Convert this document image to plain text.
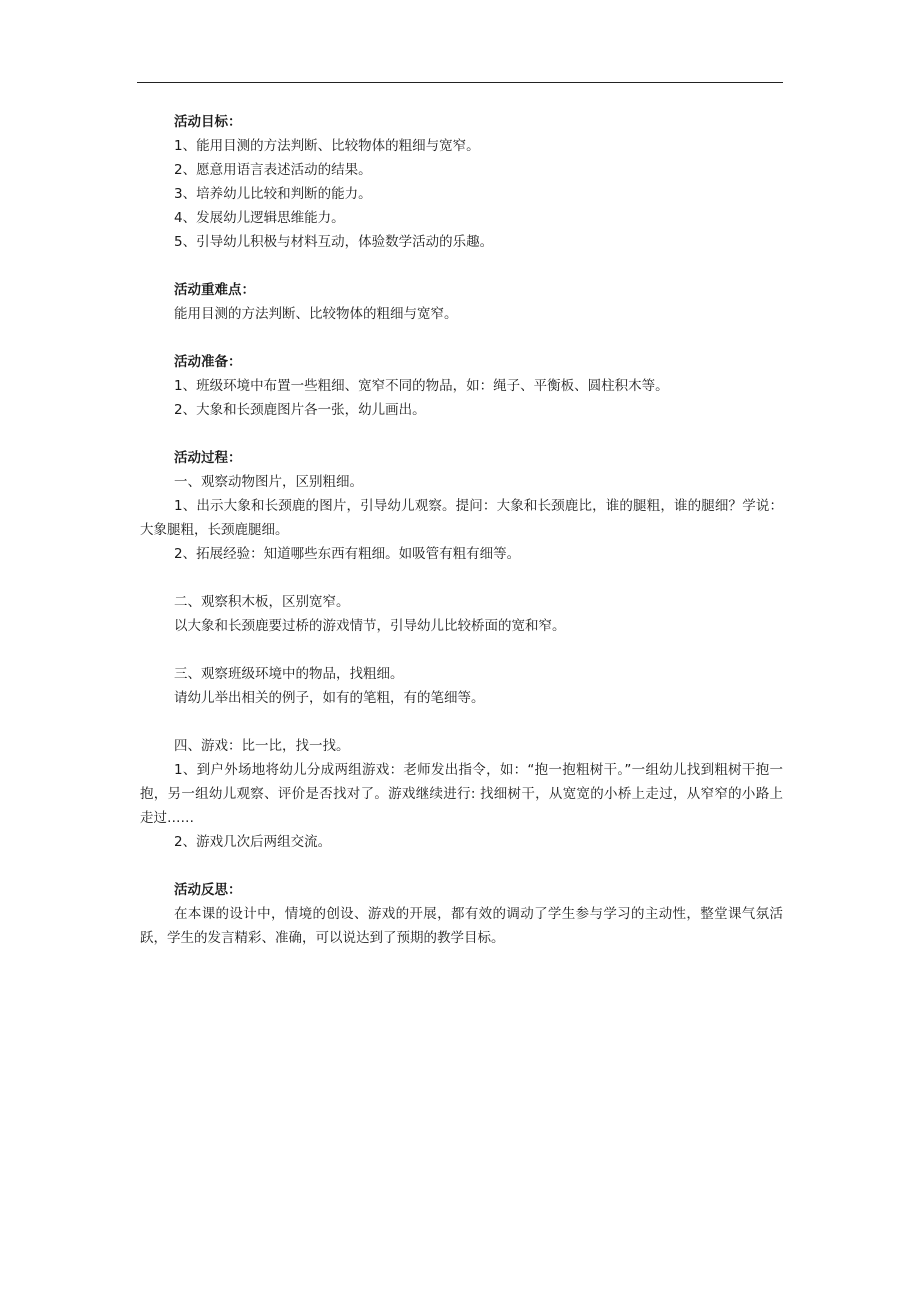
活动目标：

1、能用目测的方法判断、比较物体的粗细与宽窄。

2、愿意用语言表述活动的结果。

3、培养幼儿比较和判断的能力。

4、发展幼儿逻辑思维能力。

5、引导幼儿积极与材料互动，体验数学活动的乐趣。

活动重难点：

能用目测的方法判断、比较物体的粗细与宽窄。

活动准备：

1、班级环境中布置一些粗细、宽窄不同的物品，如：绳子、平衡板、圆柱积木等。

2、大象和长颈鹿图片各一张，幼儿画出。

活动过程：

一、观察动物图片，区别粗细。

1、出示大象和长颈鹿的图片，引导幼儿观察。提问：大象和长颈鹿比，谁的腿粗，谁的腿细？学说：大象腿粗，长颈鹿腿细。

2、拓展经验：知道哪些东西有粗细。如吸管有粗有细等。

二、观察积木板，区别宽窄。

以大象和长颈鹿要过桥的游戏情节，引导幼儿比较桥面的宽和窄。

三、观察班级环境中的物品，找粗细。

请幼儿举出相关的例子，如有的笔粗，有的笔细等。

四、游戏：比一比，找一找。

1、到户外场地将幼儿分成两组游戏：老师发出指令，如：“抱一抱粗树干。”一组幼儿找到粗树干抱一抱，另一组幼儿观察、评价是否找对了。游戏继续进行: 找细树干，从宽宽的小桥上走过，从窄窄的小路上走过……

2、游戏几次后两组交流。

活动反思：

在本课的设计中，情境的创设、游戏的开展，都有效的调动了学生参与学习的主动性，整堂课气氛活跃，学生的发言精彩、准确，可以说达到了预期的教学目标。
